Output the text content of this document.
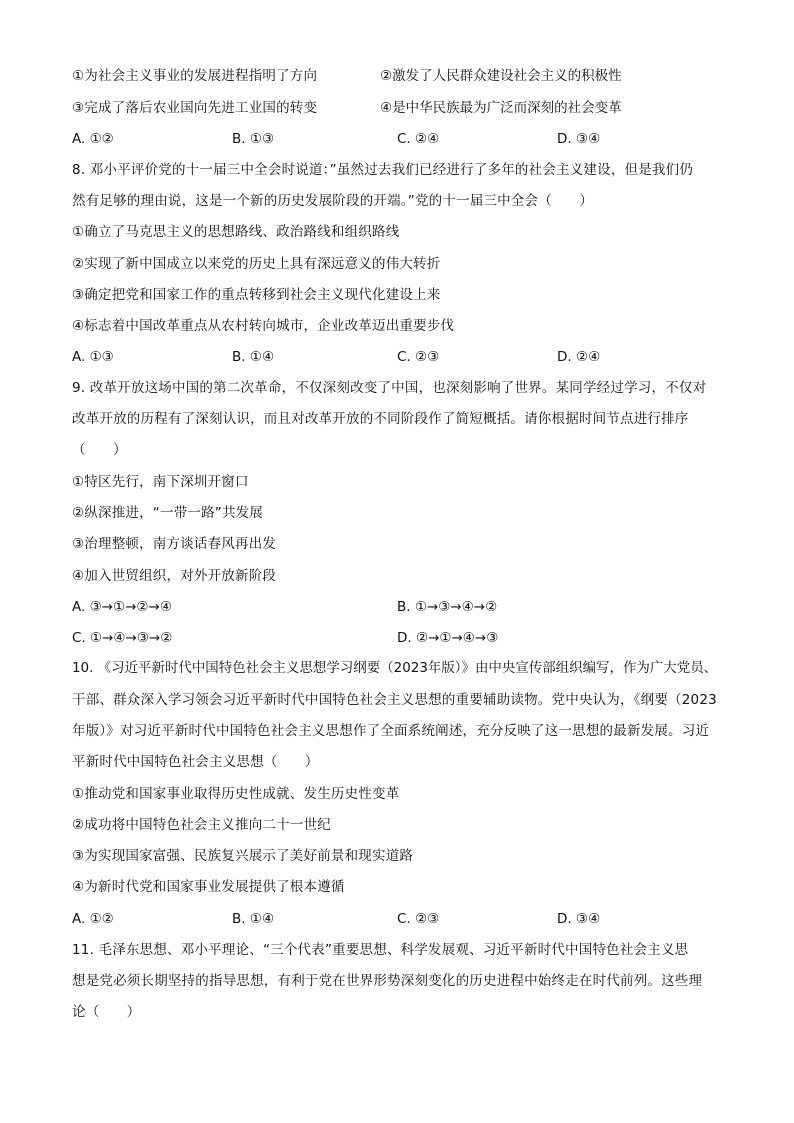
①为社会主义事业的发展进程指明了方向	②激发了人民群众建设社会主义的积极性
③完成了落后农业国向先进工业国的转变	④是中华民族最为广泛而深刻的社会变革
A. ①②	B. ①③	C. ②④	D. ③④
8. 邓小平评价党的十一届三中全会时说道：”虽然过去我们已经进行了多年的社会主义建设，但是我们仍
然有足够的理由说，这是一个新的历史发展阶段的开端。”党的十一届三中全会（　　）
①确立了马克思主义的思想路线、政治路线和组织路线
②实现了新中国成立以来党的历史上具有深远意义的伟大转折
③确定把党和国家工作的重点转移到社会主义现代化建设上来
④标志着中国改革重点从农村转向城市，企业改革迈出重要步伐
A. ①③	B. ①④	C. ②③	D. ②④
9. 改革开放这场中国的第二次革命，不仅深刻改变了中国，也深刻影响了世界。某同学经过学习，不仅对
改革开放的历程有了深刻认识，而且对改革开放的不同阶段作了简短概括。请你根据时间节点进行排序
（　　）
①特区先行，南下深圳开窗口
②纵深推进，“一带一路”共发展
③治理整顿，南方谈话春风再出发
④加入世贸组织，对外开放新阶段
A. ③→①→②→④	B. ①→③→④→②
C. ①→④→③→②	D. ②→①→④→③
10. 《习近平新时代中国特色社会主义思想学习纲要（2023年版）》由中央宣传部组织编写，作为广大党员、
干部、群众深入学习领会习近平新时代中国特色社会主义思想的重要辅助读物。党中央认为，《纲要（2023
年版）》对习近平新时代中国特色社会主义思想作了全面系统阐述，充分反映了这一思想的最新发展。习近
平新时代中国特色社会主义思想（　　）
①推动党和国家事业取得历史性成就、发生历史性变革
②成功将中国特色社会主义推向二十一世纪
③为实现国家富强、民族复兴展示了美好前景和现实道路
④为新时代党和国家事业发展提供了根本遵循
A. ①②	B. ①④	C. ②③	D. ③④
11. 毛泽东思想、邓小平理论、“三个代表”重要思想、科学发展观、习近平新时代中国特色社会主义思
想是党必须长期坚持的指导思想，有利于党在世界形势深刻变化的历史进程中始终走在时代前列。这些理
论（　　）
